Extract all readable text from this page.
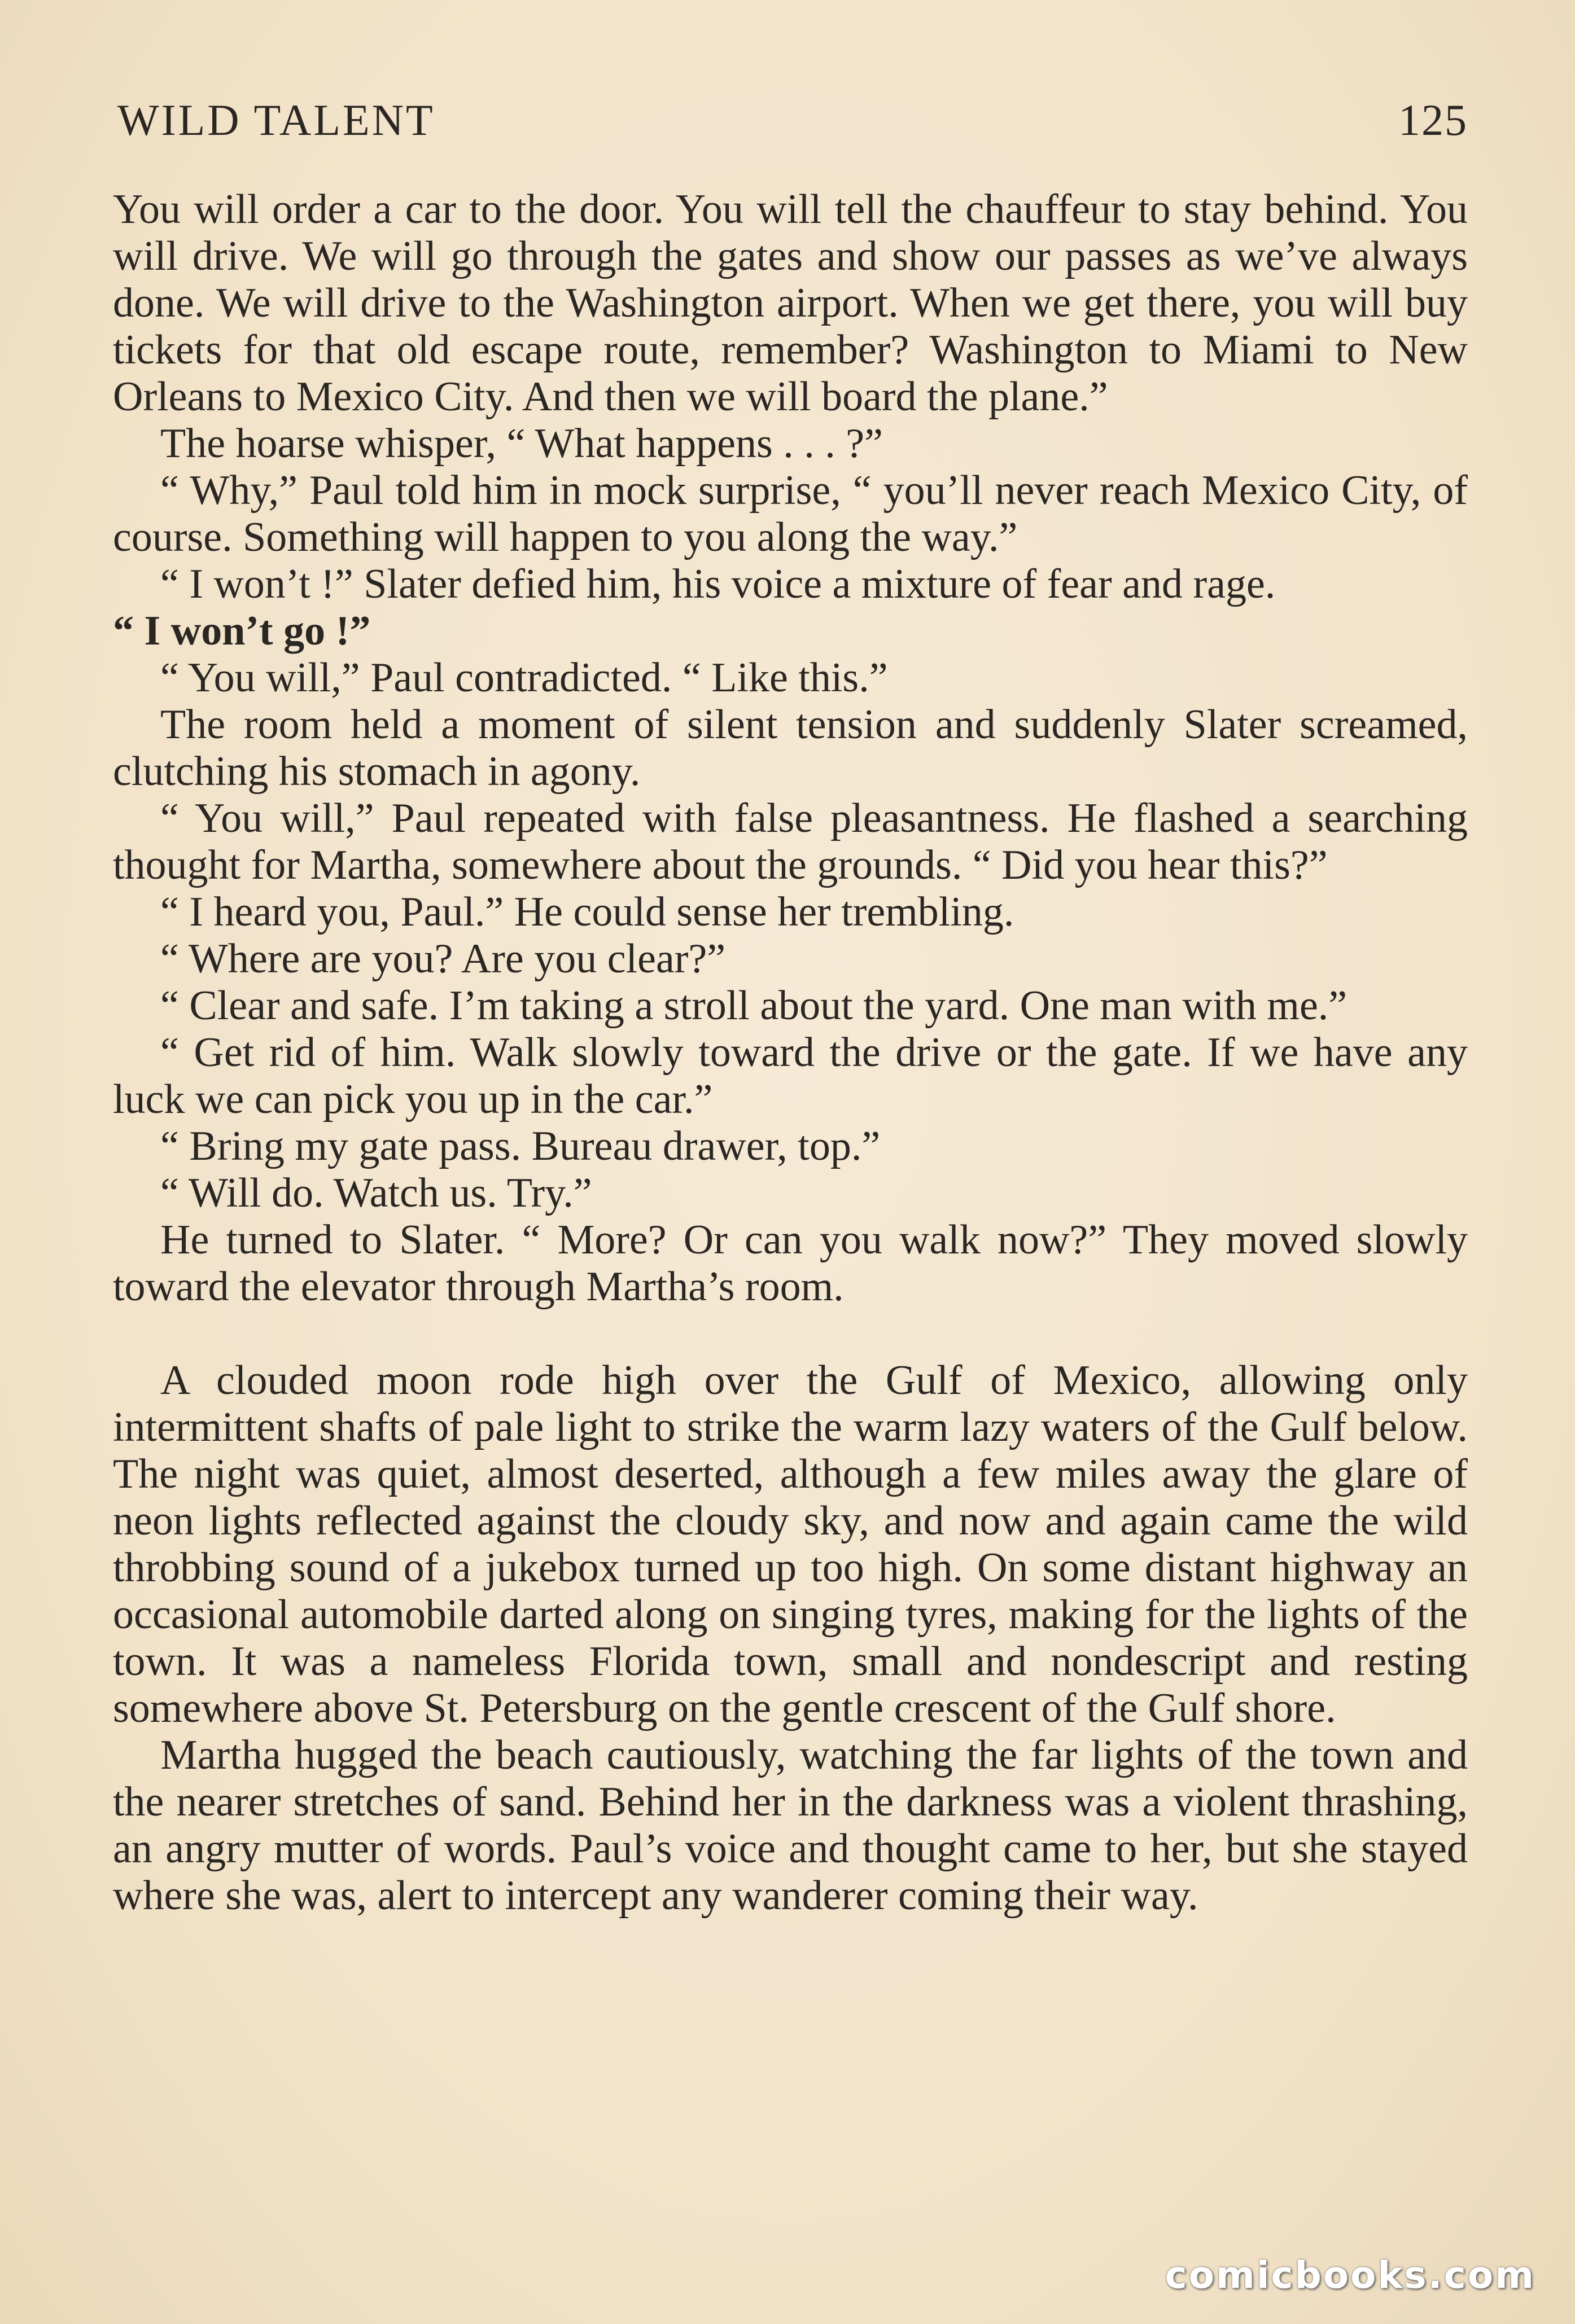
WILD TALENT	125

You will order a car to the door. You will tell the chauffeur to stay behind. You will drive. We will go through the gates and show our passes as we’ve always done. We will drive to the Washington airport. When we get there, you will buy tickets for that old escape route, remember? Washington to Miami to New Orleans to Mexico City. And then we will board the plane.”

The hoarse whisper, “ What happens . . . ?”

“ Why,” Paul told him in mock surprise, “ you’ll never reach Mexico City, of course. Something will happen to you along the way.”

“ I won’t !” Slater defied him, his voice a mixture of fear and rage.

“ I won’t go !”

“ You will,” Paul contradicted. “ Like this.”

The room held a moment of silent tension and suddenly Slater screamed, clutching his stomach in agony.

“ You will,” Paul repeated with false pleasantness. He flashed a searching thought for Martha, somewhere about the grounds. “ Did you hear this?”

“ I heard you, Paul.” He could sense her trembling.

“ Where are you? Are you clear?”

“ Clear and safe. I’m taking a stroll about the yard. One man with me.”

“ Get rid of him. Walk slowly toward the drive or the gate. If we have any luck we can pick you up in the car.”

“ Bring my gate pass. Bureau drawer, top.”

“ Will do. Watch us. Try.”

He turned to Slater. “ More? Or can you walk now?” They moved slowly toward the elevator through Martha’s room.

A clouded moon rode high over the Gulf of Mexico, allowing only intermittent shafts of pale light to strike the warm lazy waters of the Gulf below. The night was quiet, almost deserted, although a few miles away the glare of neon lights reflected against the cloudy sky, and now and again came the wild throbbing sound of a jukebox turned up too high. On some distant highway an occasional automobile darted along on singing tyres, making for the lights of the town. It was a nameless Florida town, small and nondescript and resting somewhere above St. Petersburg on the gentle crescent of the Gulf shore.

Martha hugged the beach cautiously, watching the far lights of the town and the nearer stretches of sand. Behind her in the darkness was a violent thrashing, an angry mutter of words. Paul’s voice and thought came to her, but she stayed where she was, alert to intercept any wanderer coming their way.

comicbooks.com
